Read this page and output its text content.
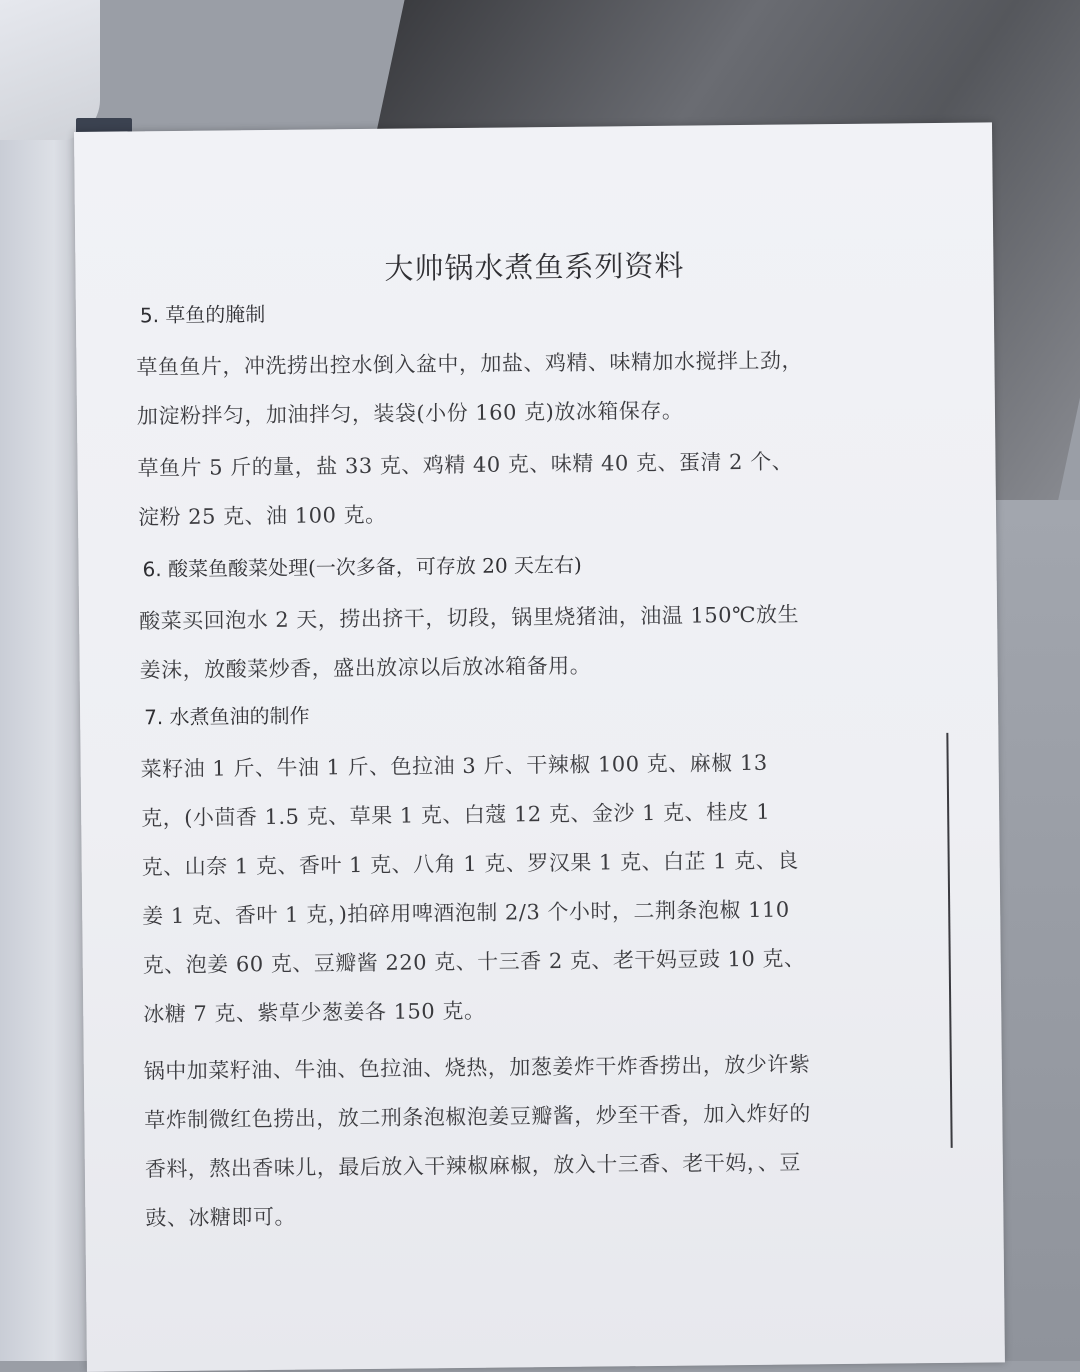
大帅锅水煮鱼系列资料
5. 草鱼的腌制
草鱼鱼片，冲洗捞出控水倒入盆中，加盐、鸡精、味精加水搅拌上劲，加淀粉拌匀，加油拌匀，装袋(小份 160 克)放冰箱保存。
草鱼片 5 斤的量，盐 33 克、鸡精 40 克、味精 40 克、蛋清 2 个、淀粉 25 克、油 100 克。
6. 酸菜鱼酸菜处理(一次多备，可存放 20 天左右)
酸菜买回泡水 2 天，捞出挤干，切段，锅里烧猪油，油温 150℃放生姜沫，放酸菜炒香，盛出放凉以后放冰箱备用。
7. 水煮鱼油的制作
菜籽油 1 斤、牛油 1 斤、色拉油 3 斤、干辣椒 100 克、麻椒 13 克，(小茴香 1.5 克、草果 1 克、白蔻 12 克、金沙 1 克、桂皮 1 克、山奈 1 克、香叶 1 克、八角 1 克、罗汉果 1 克、白芷 1 克、良姜 1 克、香叶 1 克，)拍碎用啤酒泡制 2/3 个小时，二荆条泡椒 110 克、泡姜 60 克、豆瓣酱 220 克、十三香 2 克、老干妈豆豉 10 克、冰糖 7 克、紫草少葱姜各 150 克。
锅中加菜籽油、牛油、色拉油、烧热，加葱姜炸干炸香捞出，放少许紫草炸制微红色捞出，放二刑条泡椒泡姜豆瓣酱，炒至干香，加入炸好的香料，熬出香味儿，最后放入干辣椒麻椒，放入十三香、老干妈，、豆豉、冰糖即可。
